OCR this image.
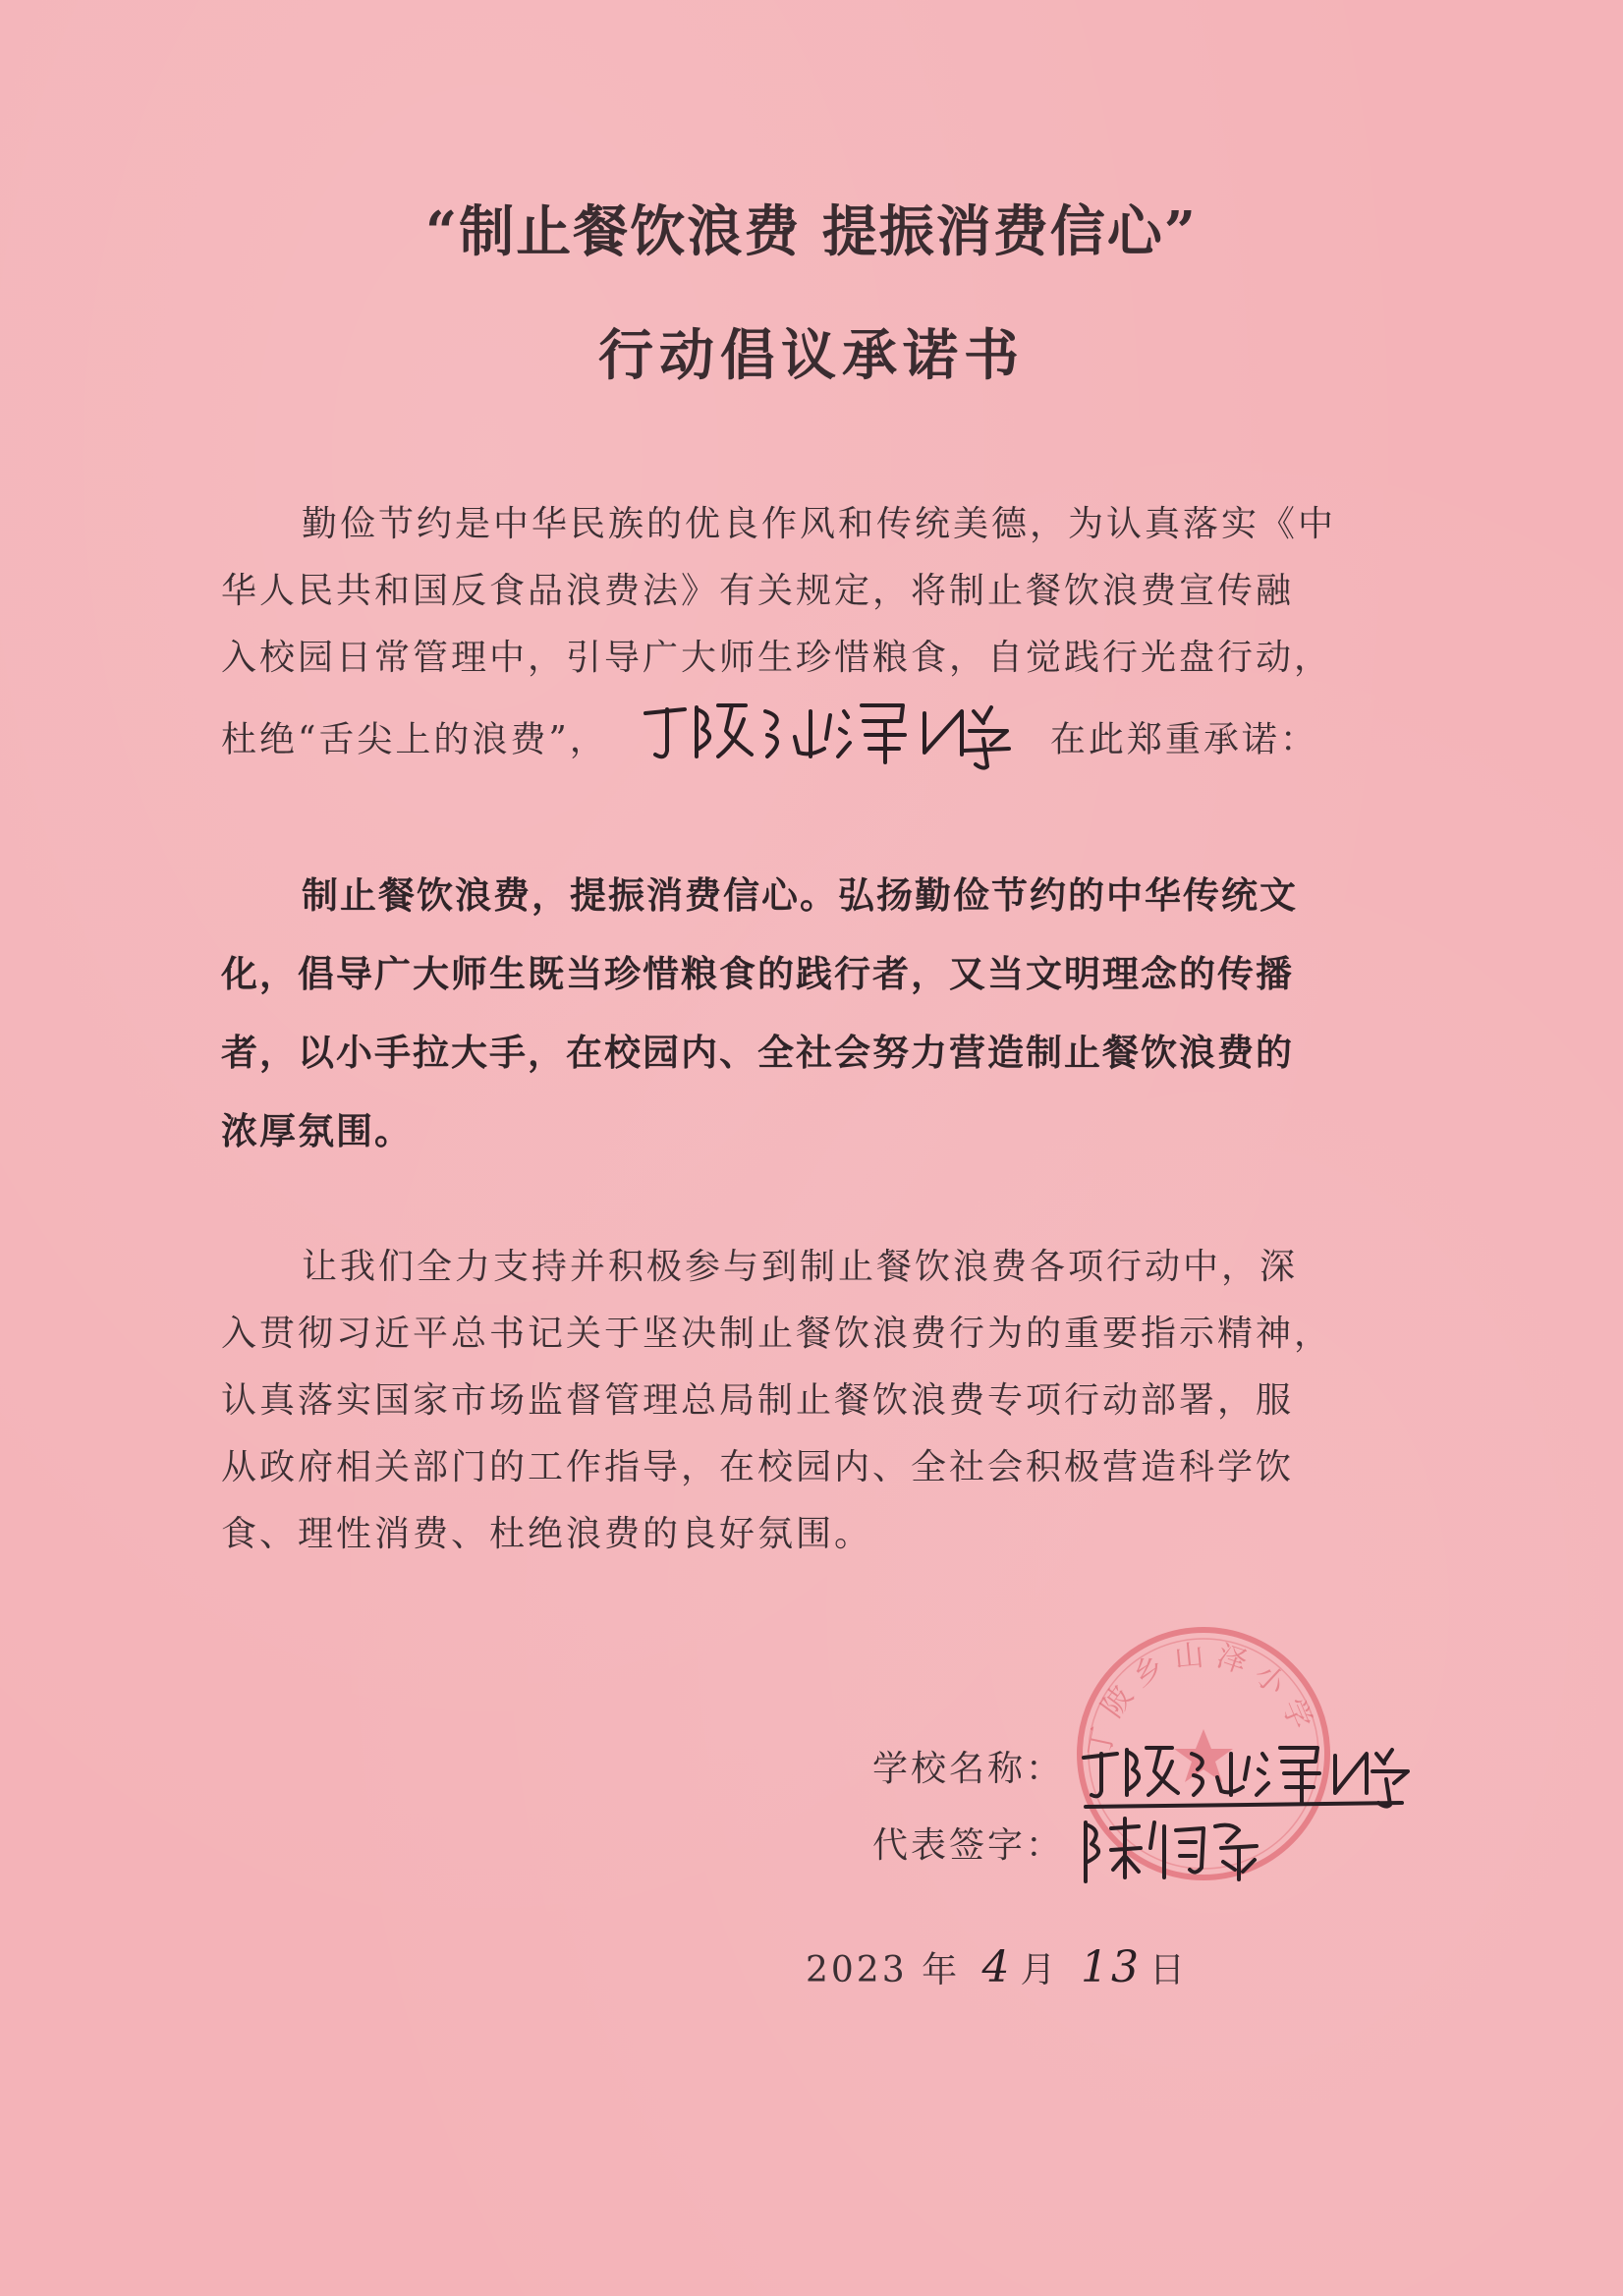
“制止餐饮浪费 提振消费信心”
行动倡议承诺书
勤俭节约是中华民族的优良作风和传统美德，为认真落实《中
华人民共和国反食品浪费法》有关规定，将制止餐饮浪费宣传融
入校园日常管理中，引导广大师生珍惜粮食，自觉践行光盘行动，
杜绝“舌尖上的浪费”，	在此郑重承诺：
制止餐饮浪费，提振消费信心。弘扬勤俭节约的中华传统文
化，倡导广大师生既当珍惜粮食的践行者，又当文明理念的传播
者，以小手拉大手，在校园内、全社会努力营造制止餐饮浪费的
浓厚氛围。
让我们全力支持并积极参与到制止餐饮浪费各项行动中，深
入贯彻习近平总书记关于坚决制止餐饮浪费行为的重要指示精神，
认真落实国家市场监督管理总局制止餐饮浪费专项行动部署，服
从政府相关部门的工作指导，在校园内、全社会积极营造科学饮
食、理性消费、杜绝浪费的良好氛围。
丁陂乡山泽小学
学校名称：
代表签字：
2023 年 4 月 13 日
